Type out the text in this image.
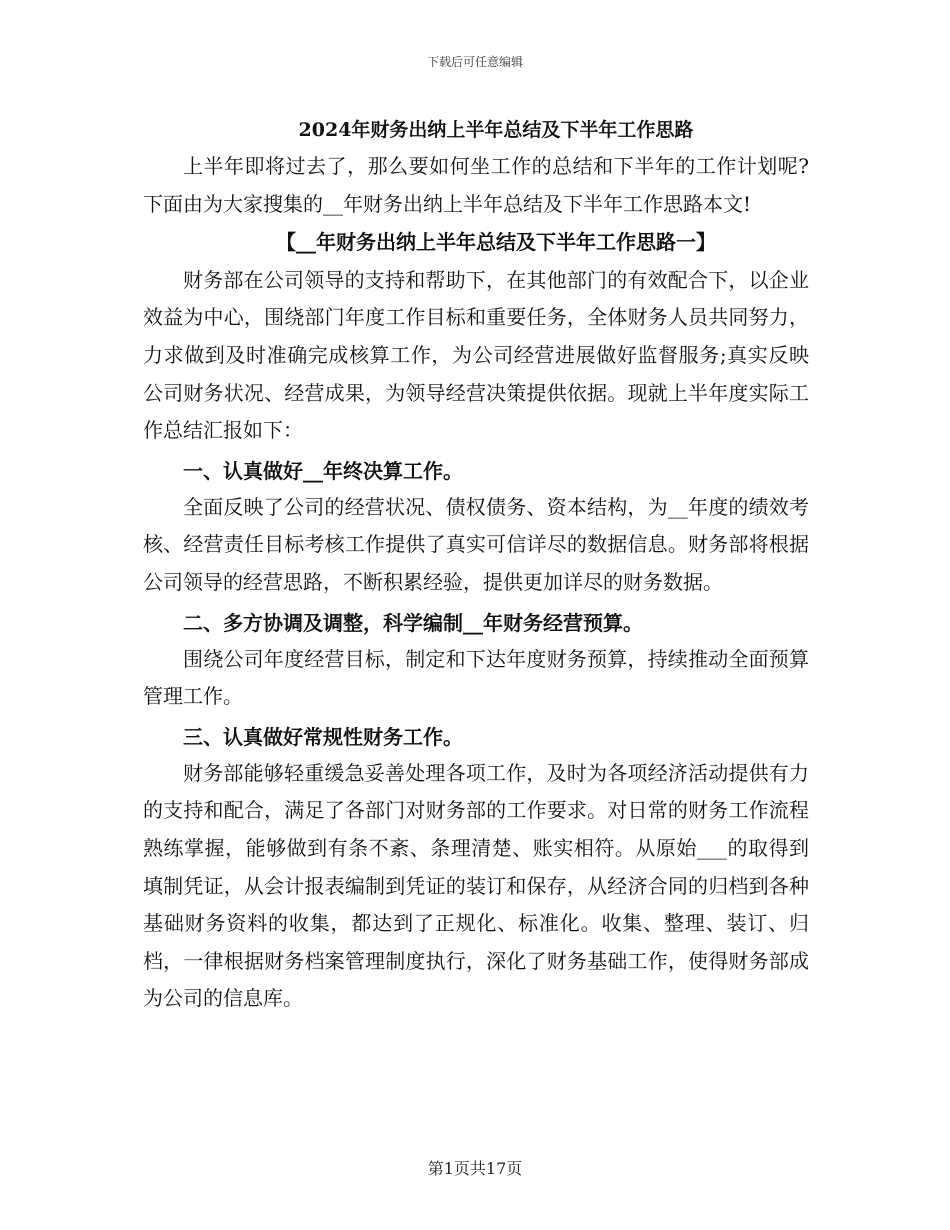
下载后可任意编辑
2024年财务出纳上半年总结及下半年工作思路

上半年即将过去了，那么要如何坐工作的总结和下半年的工作计划呢?下面由为大家搜集的__年财务出纳上半年总结及下半年工作思路本文!

【__年财务出纳上半年总结及下半年工作思路一】

财务部在公司领导的支持和帮助下，在其他部门的有效配合下，以企业效益为中心，围绕部门年度工作目标和重要任务，全体财务人员共同努力，力求做到及时准确完成核算工作，为公司经营进展做好监督服务;真实反映公司财务状况、经营成果，为领导经营决策提供依据。现就上半年度实际工作总结汇报如下：

一、认真做好__年终决算工作。

全面反映了公司的经营状况、债权债务、资本结构，为__年度的绩效考核、经营责任目标考核工作提供了真实可信详尽的数据信息。财务部将根据公司领导的经营思路，不断积累经验，提供更加详尽的财务数据。

二、多方协调及调整，科学编制__年财务经营预算。

围绕公司年度经营目标，制定和下达年度财务预算，持续推动全面预算管理工作。

三、认真做好常规性财务工作。

财务部能够轻重缓急妥善处理各项工作，及时为各项经济活动提供有力的支持和配合，满足了各部门对财务部的工作要求。对日常的财务工作流程熟练掌握，能够做到有条不紊、条理清楚、账实相符。从原始___的取得到填制凭证，从会计报表编制到凭证的装订和保存，从经济合同的归档到各种基础财务资料的收集，都达到了正规化、标准化。收集、整理、装订、归档，一律根据财务档案管理制度执行，深化了财务基础工作，使得财务部成为公司的信息库。

第1页共17页
